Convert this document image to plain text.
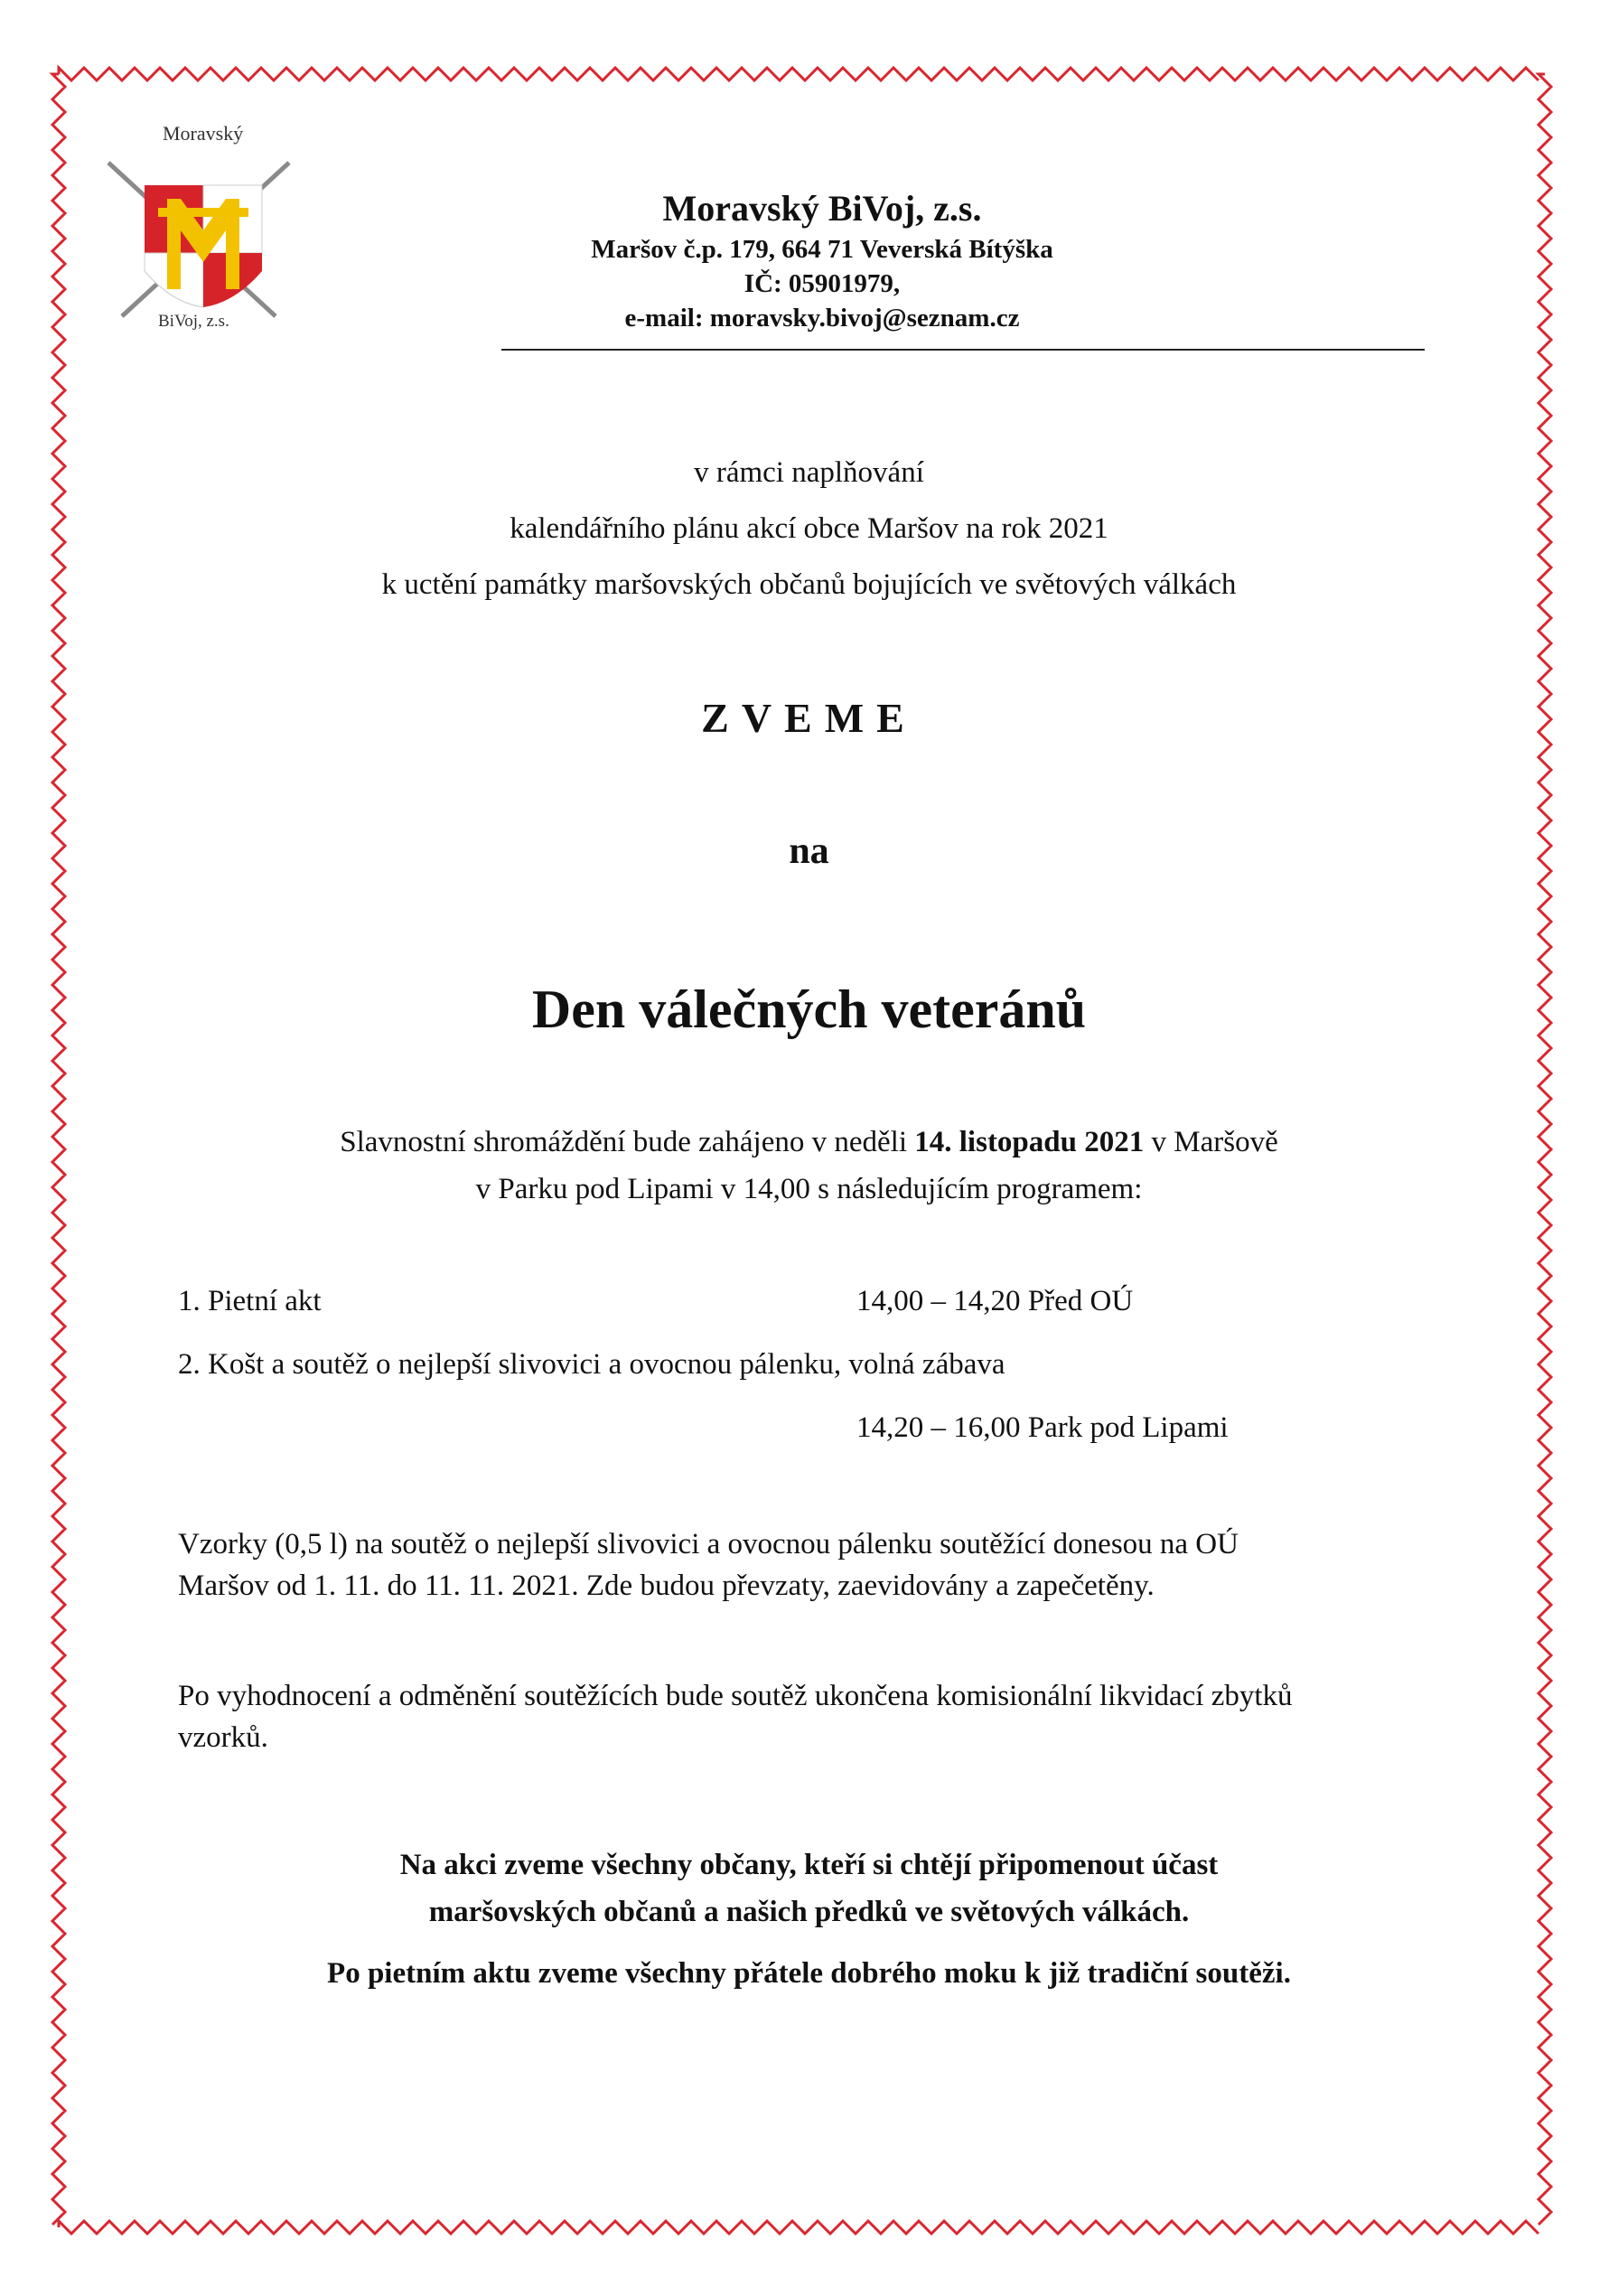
Moravský
BiVoj, z.s.
Moravský BiVoj, z.s.
Maršov č.p. 179, 664 71 Veverská Bítýška
IČ: 05901979,
e-mail: moravsky.bivoj@seznam.cz
v rámci naplňování
kalendářního plánu akcí obce Maršov na rok 2021
k uctění památky maršovských občanů bojujících ve světových válkách
ZVEME
na
Den válečných veteránů
Slavnostní shromáždění bude zahájeno v neděli 14. listopadu 2021 v Maršově
v Parku pod Lipami v 14,00 s následujícím programem:
1. Pietní akt	14,00 – 14,20 Před OÚ
2. Košt a soutěž o nejlepší slivovici a ovocnou pálenku, volná zábava
14,20 – 16,00 Park pod Lipami
Vzorky (0,5 l) na soutěž o nejlepší slivovici a ovocnou pálenku soutěžící donesou na OÚ Maršov od 1. 11. do 11. 11. 2021. Zde budou převzaty, zaevidovány a zapečetěny.
Po vyhodnocení a odměnění soutěžících bude soutěž ukončena komisionální likvidací zbytků vzorků.
Na akci zveme všechny občany, kteří si chtějí připomenout účast
maršovských občanů a našich předků ve světových válkách.
Po pietním aktu zveme všechny přátele dobrého moku k již tradiční soutěži.
